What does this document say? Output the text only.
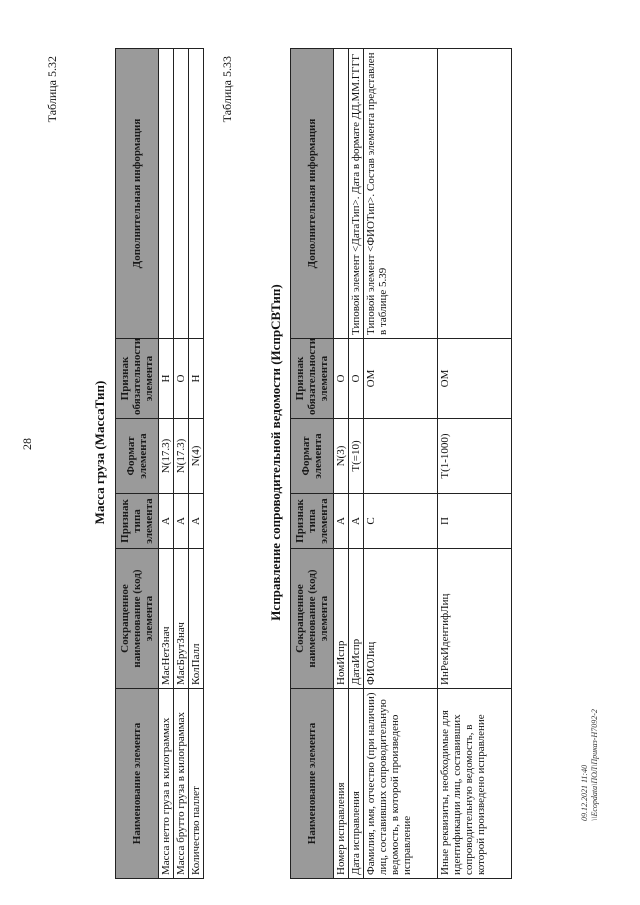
28
Таблица 5.32
Масса груза (МассаТип)
Наименование элемента	Сокращенное наименование (код) элемента	Признак типа элемента	Формат элемента	Признак обязательности элемента	Дополнительная информация
Масса нетто груза в килограммах	МасНетЗнач	А	N(17.3)	Н	
Масса брутто груза в килограммах	МасБрутЗнач	А	N(17.3)	О	
Количество паллет	КолПалл	А	N(4)	Н	
Таблица 5.33
Исправление сопроводительной ведомости (ИспрСВТип)
Наименование элемента	Сокращенное наименование (код) элемента	Признак типа элемента	Формат элемента	Признак обязательности элемента	Дополнительная информация
Номер исправления	НомИспр	А	N(3)	О	
Дата исправления	ДатаИспр	А	T(=10)	О	Типовой элемент <ДатаТип>. Дата в формате ДД.ММ.ГГГГ
Фамилия, имя, отчество (при наличии) лиц, составивших сопроводительную ведомость, в которой произведено исправление	ФИОЛиц	С		ОМ	Типовой элемент <ФИОТип>. Состав элемента представлен в таблице 5.39
Иные реквизиты, необходимые для идентификации лиц, составивших сопроводительную ведомость, в которой произведено исправление	ИнРекИдентифЛиц	П	T(1-1000)	ОМ	
09.12.2021 11:40 \\Ecopdata\ПОЛ\Приказ-Н7092-2
